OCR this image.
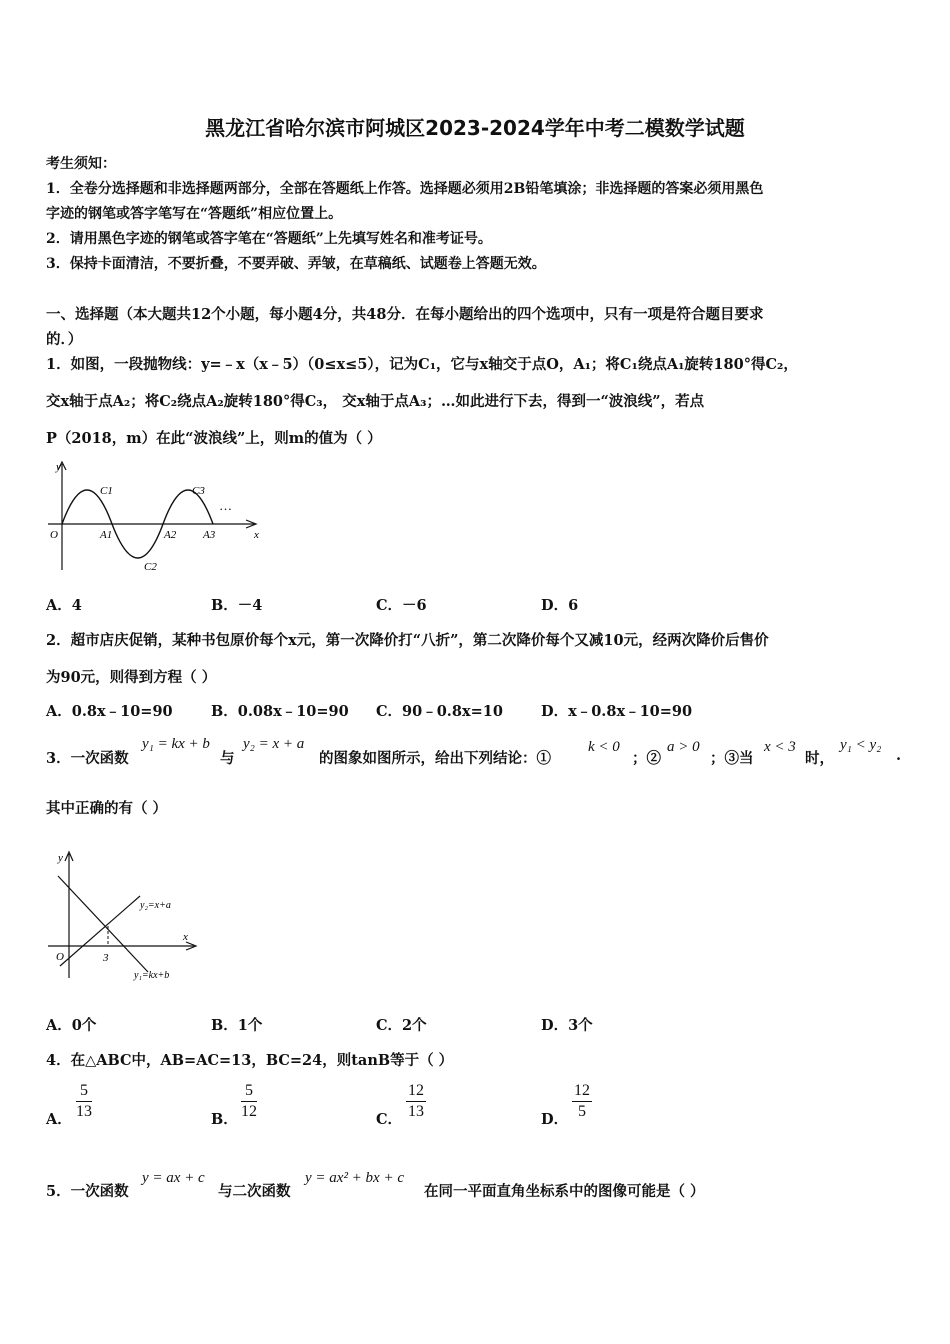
黑龙江省哈尔滨市阿城区2023-2024学年中考二模数学试题
考生须知：
1．全卷分选择题和非选择题两部分，全部在答题纸上作答。选择题必须用2B铅笔填涂；非选择题的答案必须用黑色
字迹的钢笔或答字笔写在“答题纸”相应位置上。
2．请用黑色字迹的钢笔或答字笔在“答题纸”上先填写姓名和准考证号。
3．保持卡面清洁，不要折叠，不要弄破、弄皱，在草稿纸、试题卷上答题无效。
一、选择题（本大题共12个小题，每小题4分，共48分．在每小题给出的四个选项中，只有一项是符合题目要求
的．）
1．如图，一段抛物线：y=﹣x（x﹣5）（0≤x≤5），记为C₁，它与x轴交于点O，A₁；将C₁绕点A₁旋转180°得C₂，
交x轴于点A₂；将C₂绕点A₂旋转180°得C₃， 交x轴于点A₃；…如此进行下去，得到一“波浪线”，若点
P（2018，m）在此“波浪线”上，则m的值为（ ）
y
x
O	A1	A2 A3
C1
C2
C3
…
A．4	B．－4	C．－6	D．6
2．超市店庆促销，某种书包原价每个x元，第一次降价打“八折”，第二次降价每个又减10元，经两次降价后售价
为90元，则得到方程（ ）
A．0.8x﹣10=90	B．0.08x﹣10=90 C．90﹣0.8x=10	D．x﹣0.8x﹣10=90
3．一次函数
y₁ = kx + b
与
y₂ = x + a
的图象如图所示，给出下列结论：①
k < 0
；②
a > 0
；③当
x < 3
时，
y₁ < y₂
.
其中正确的有（ ）
y
x
O	3
y₂=x+a
y₁=kx+b
A．0个	B．1个	C．2个	D．3个
4．在△ABC中，AB=AC=13，BC=24，则tanB等于（ ）
A． $\frac{5}{13}$	B． $\frac{5}{12}$	C． $\frac{12}{13}$	D． $\frac{12}{5}$
5．一次函数
y = ax + c
与二次函数
y = ax² + bx + c
在同一平面直角坐标系中的图像可能是（ ）
